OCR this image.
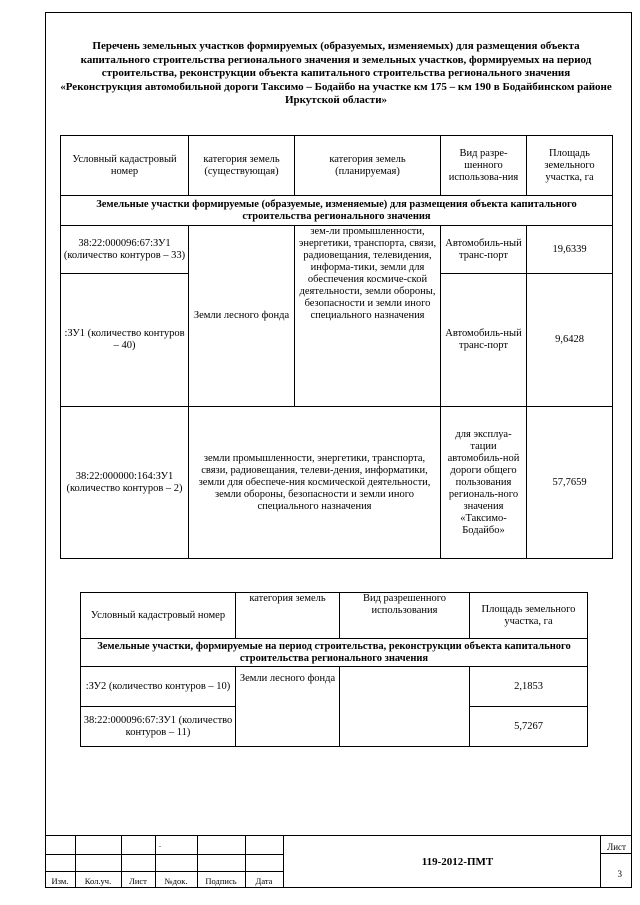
Перечень земельных участков формируемых (образуемых, изменяемых) для размещения объекта капитального строительства регионального значения и земельных участков, формируемых на период строительства, реконструкции объекта капитального строительства регионального значения «Реконструкция автомобильной дороги Таксимо – Бодайбо на участке км 175 – км 190 в Бодайбинском районе Иркутской области»
Условный кадастровый номер	категория земель (существующая)	категория земель (планируемая)	Вид разре-шенного использова-ния	Площадь земельного участка, га
Земельные участки формируемые (образуемые, изменяемые) для размещения объекта капитального строительства регионального значения				
38:22:000096:67:ЗУ1 (количество контуров – 33)	Земли лесного фонда	зем-ли промышленности, энергетики, транспорта, связи, радиовещания, телевидения, информа-тики, земли для обеспечения космиче-ской деятельности, земли обороны, безопасности и земли иного специального назначения	Автомобиль-ный транс-порт	19,6339
:ЗУ1 (количество контуров – 40)			Автомобиль-ный транс-порт	9,6428
38:22:000000:164:ЗУ1 (количество контуров – 2)	земли промышленности, энергетики, транспорта, связи, радиовещания, телеви-дения, информатики, земли для обеспече-ния космической деятельности, земли обороны, безопасности и земли иного специального назначения		для эксплуа-тации автомобиль-ной дороги общего пользования региональ-ного значения «Таксимо-Бодайбо»	57,7659
Условный кадастровый номер	категория земель	Вид разрешенного использования	Площадь земельного участка, га
Земельные участки, формируемые на период строительства, реконструкции объекта капитального строительства регионального значения			
:ЗУ2 (количество контуров – 10)	Земли лесного фонда		2,1853
38:22:000096:67:ЗУ1 (количество контуров – 11)			5,7267
.
Изм.	Кол.уч.	Лист	№док.	Подпись	Дата
119-2012-ПМТ
Лист
3
